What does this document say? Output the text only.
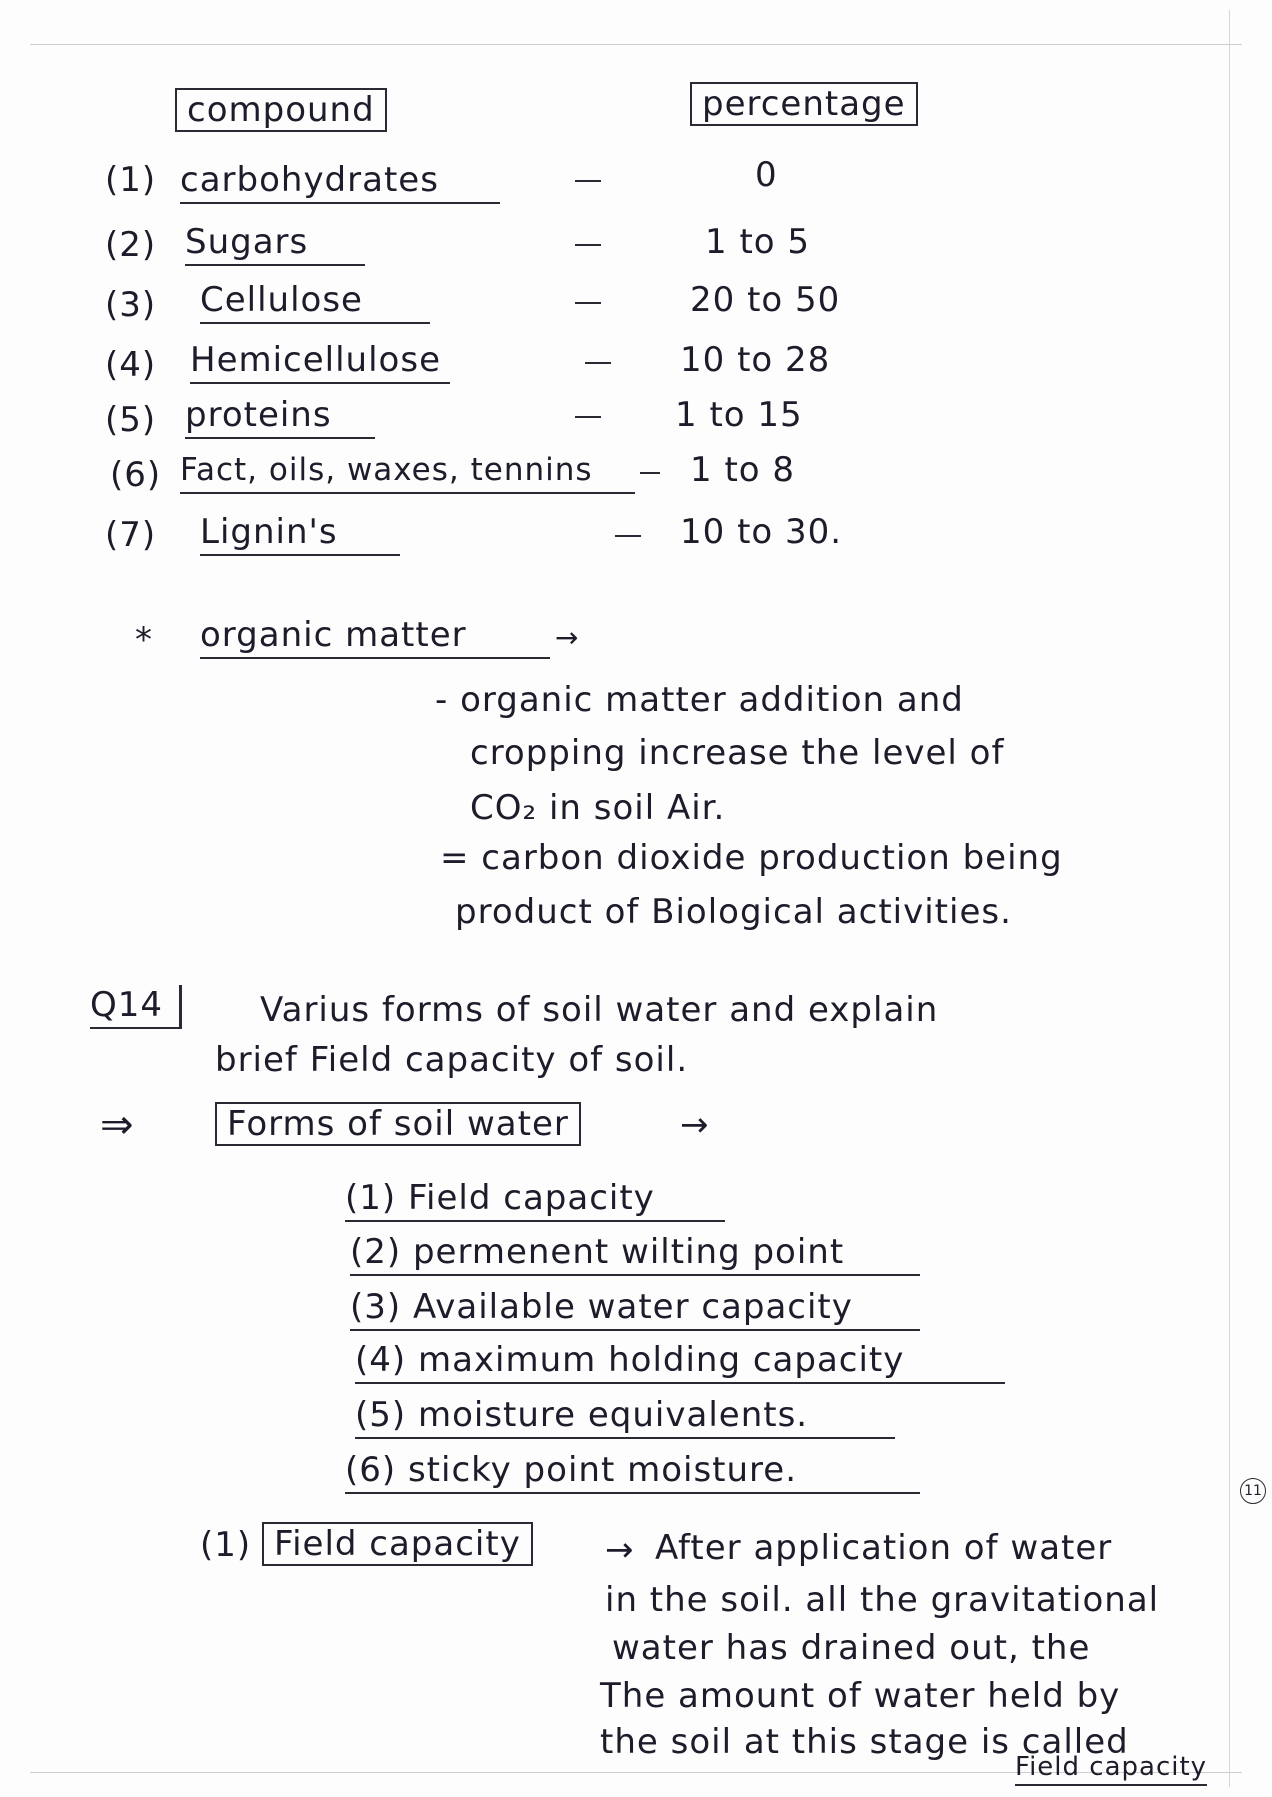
compound	percentage
(1) carbohydrates	0
(2) Sugars	1 to 5
(3) Cellulose	20 to 50
(4) Hemicellulose	10 to 28
(5) proteins	1 to 15
(6) Fact, oils, waxes, tennins	1 to 8
(7) Lignin's	10 to 30.
* organic matter	→
- organic matter addition and
cropping increase the level of
CO₂ in soil Air.
= carbon dioxide production being
product of Biological activities.
Q14	Varius forms of soil water and explain
brief Field capacity of soil.
⇒	Forms of soil water	→
(1) Field capacity
(2) permenent wilting point
(3) Available water capacity
(4) maximum holding capacity
(5) moisture equivalents.
(6) sticky point moisture.
11
(1) Field capacity	→ After application of water
in the soil. all the gravitational
water has drained out, the
The amount of water held by
the soil at this stage is called
Field capacity
